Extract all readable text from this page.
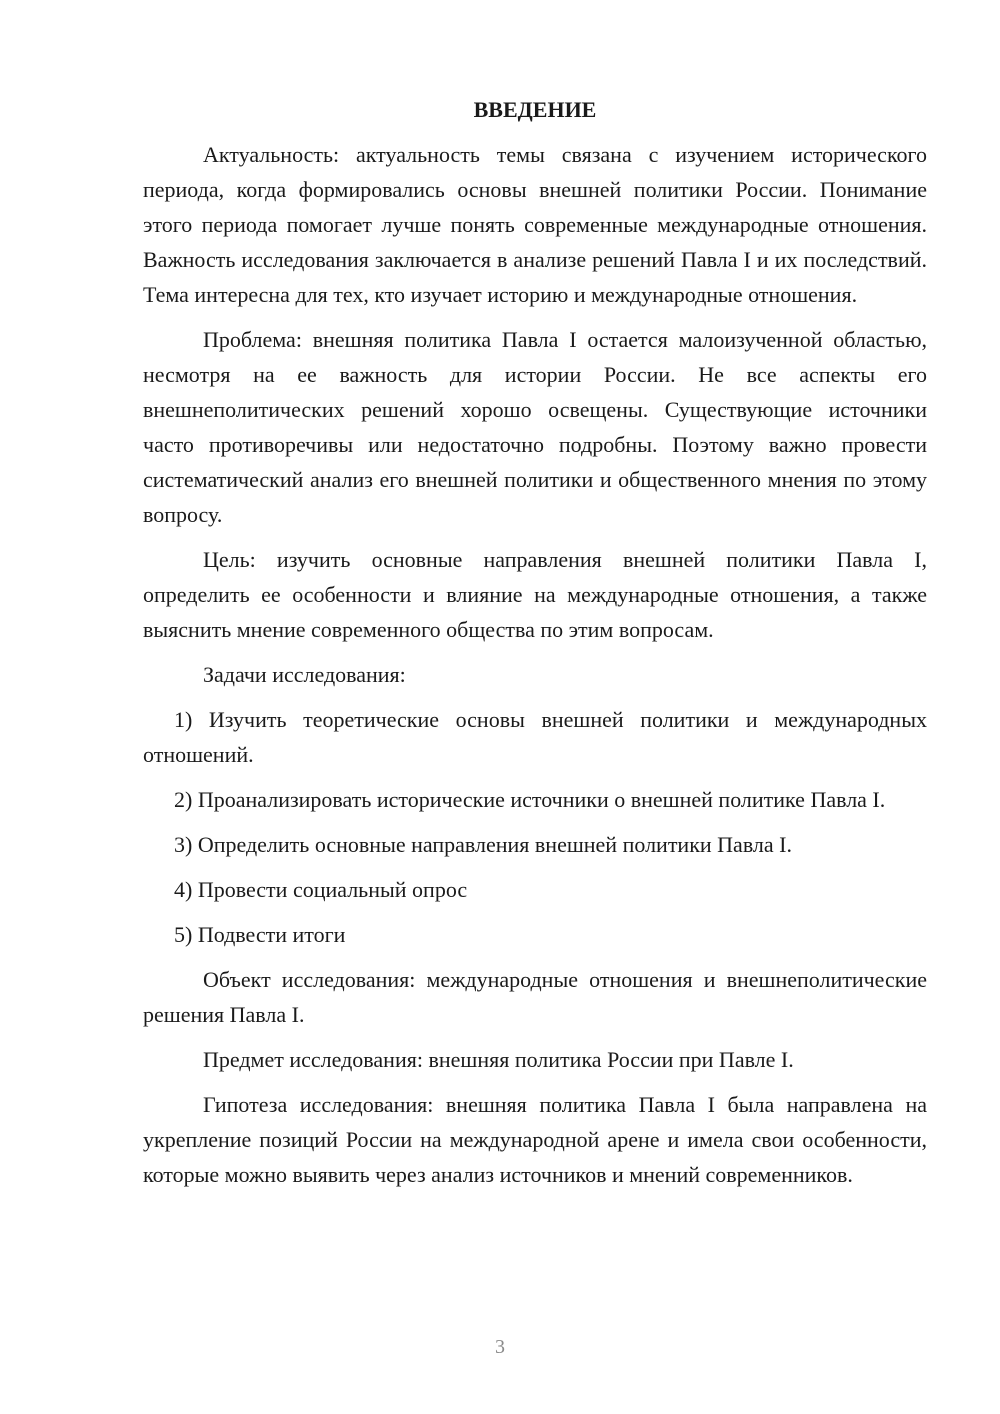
ВВЕДЕНИЕ

Актуальность: актуальность темы связана с изучением исторического периода, когда формировались основы внешней политики России. Понимание этого периода помогает лучше понять современные международные отношения. Важность исследования заключается в анализе решений Павла I и их последствий. Тема интересна для тех, кто изучает историю и международные отношения.

Проблема: внешняя политика Павла I остается малоизученной областью, несмотря на ее важность для истории России. Не все аспекты его внешнеполитических решений хорошо освещены. Существующие источники часто противоречивы или недостаточно подробны. Поэтому важно провести систематический анализ его внешней политики и общественного мнения по этому вопросу.

Цель: изучить основные направления внешней политики Павла I, определить ее особенности и влияние на международные отношения, а также выяснить мнение современного общества по этим вопросам.

Задачи исследования:

1) Изучить теоретические основы внешней политики и международных отношений.

2) Проанализировать исторические источники о внешней политике Павла I.

3) Определить основные направления внешней политики Павла I.

4) Провести социальный опрос

5) Подвести итоги

Объект исследования: международные отношения и внешнеполитические решения Павла I.

Предмет исследования: внешняя политика России при Павле I.

Гипотеза исследования: внешняя политика Павла I была направлена на укрепление позиций России на международной арене и имела свои особенности, которые можно выявить через анализ источников и мнений современников.

3
